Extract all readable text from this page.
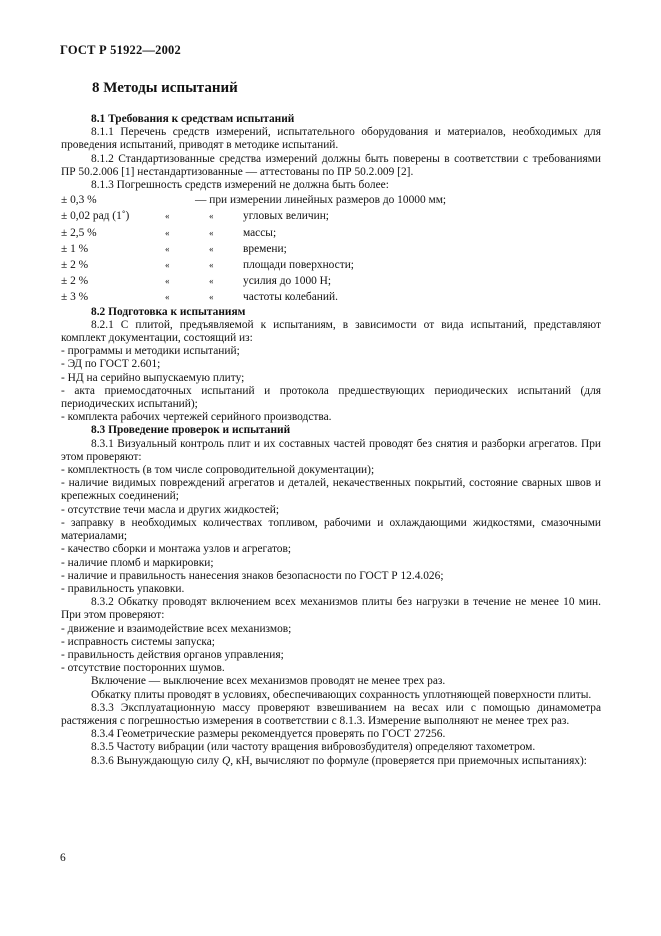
ГОСТ Р 51922—2002
8 Методы испытаний

8.1 Требования к средствам испытаний

8.1.1 Перечень средств измерений, испытательного оборудования и материалов, необходимых для проведения испытаний, приводят в методике испытаний.

8.1.2 Стандартизованные средства измерений должны быть поверены в соответствии с требованиями ПР 50.2.006 [1] нестандартизованные — аттестованы по ПР 50.2.009 [2].

8.1.3 Погрешность средств измерений не должна быть более:

± 0,3 %	— при измерении линейных размеров до 10000 мм;
± 0,02 рад (1˚)	«	«	угловых величин;
± 2,5 %	«	«	массы;
± 1 %	«	«	времени;
± 2 %	«	«	площади поверхности;
± 2 %	«	«	усилия до 1000 Н;
± 3 %	«	«	частоты колебаний.

8.2 Подготовка к испытаниям

8.2.1 С плитой, предъявляемой к испытаниям, в зависимости от вида испытаний, представляют комплект документации, состоящий из:

- программы и методики испытаний;

- ЭД по ГОСТ 2.601;

- НД на серийно выпускаемую плиту;

- акта приемосдаточных испытаний и протокола предшествующих периодических испытаний (для периодических испытаний);

- комплекта рабочих чертежей серийного производства.

8.3 Проведение проверок и испытаний

8.3.1 Визуальный контроль плит и их составных частей проводят без снятия и разборки агрегатов. При этом проверяют:

- комплектность (в том числе сопроводительной документации);

- наличие видимых повреждений агрегатов и деталей, некачественных покрытий, состояние сварных швов и крепежных соединений;

- отсутствие течи масла и других жидкостей;

- заправку в необходимых количествах топливом, рабочими и охлаждающими жидкостями, смазочными материалами;

- качество сборки и монтажа узлов и агрегатов;

- наличие пломб и маркировки;

- наличие и правильность нанесения знаков безопасности по ГОСТ Р 12.4.026;

- правильность упаковки.

8.3.2 Обкатку проводят включением всех механизмов плиты без нагрузки в течение не менее 10 мин. При этом проверяют:

- движение и взаимодействие всех механизмов;

- исправность системы запуска;

- правильность действия органов управления;

- отсутствие посторонних шумов.

Включение — выключение всех механизмов проводят не менее трех раз.

Обкатку плиты проводят в условиях, обеспечивающих сохранность уплотняющей поверхности плиты.

8.3.3 Эксплуатационную массу проверяют взвешиванием на весах или с помощью динамометра растяжения с погрешностью измерения в соответствии с 8.1.3. Измерение выполняют не менее трех раз.

8.3.4 Геометрические размеры рекомендуется проверять по ГОСТ 27256.

8.3.5 Частоту вибрации (или частоту вращения вибровозбудителя) определяют тахометром.

8.3.6 Вынуждающую силу Q, кН, вычисляют по формуле (проверяется при приемочных испытаниях):

6
